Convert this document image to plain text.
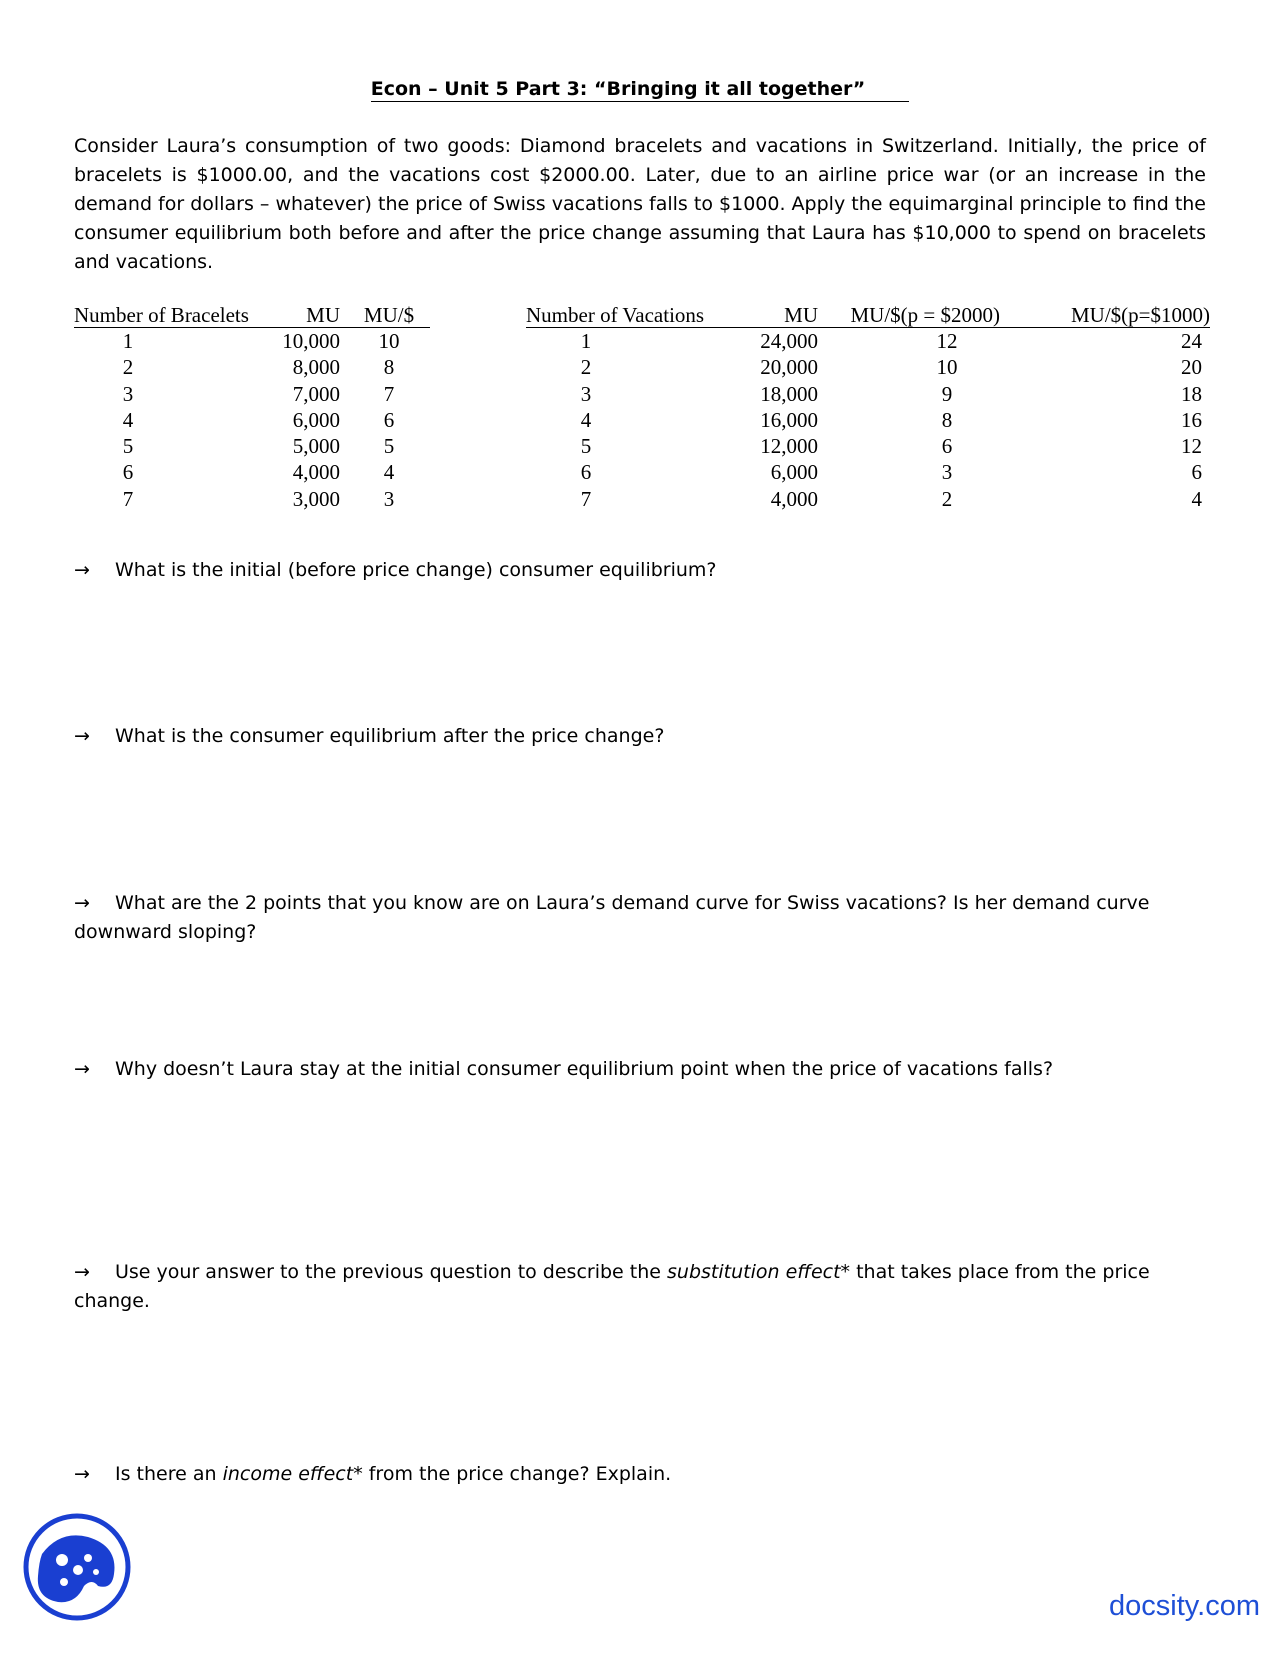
Econ – Unit 5 Part 3: “Bringing it all together”
Consider Laura’s consumption of two goods: Diamond bracelets and vacations in Switzerland. Initially, the price of bracelets is $1000.00, and the vacations cost $2000.00. Later, due to an airline price war (or an increase in the demand for dollars – whatever) the price of Swiss vacations falls to $1000. Apply the equimarginal principle to find the consumer equilibrium both before and after the price change assuming that Laura has $10,000 to spend on bracelets and vacations.
Number of Bracelets	MU	MU/$
1	10,000	10
2	8,000	8
3	7,000	7
4	6,000	6
5	5,000	5
6	4,000	4
7	3,000	3
Number of Vacations	MU	MU/$(p = $2000)	MU/$(p=$1000)
1	24,000	12	24
2	20,000	10	20
3	18,000	9	18
4	16,000	8	16
5	12,000	6	12
6	6,000	3	6
7	4,000	2	4
→ What is the initial (before price change) consumer equilibrium?
→ What is the consumer equilibrium after the price change?
→ What are the 2 points that you know are on Laura’s demand curve for Swiss vacations? Is her demand curve downward sloping?
→ Why doesn’t Laura stay at the initial consumer equilibrium point when the price of vacations falls?
→ Use your answer to the previous question to describe the substitution effect* that takes place from the price change.
→ Is there an income effect* from the price change? Explain.
docsity.com
